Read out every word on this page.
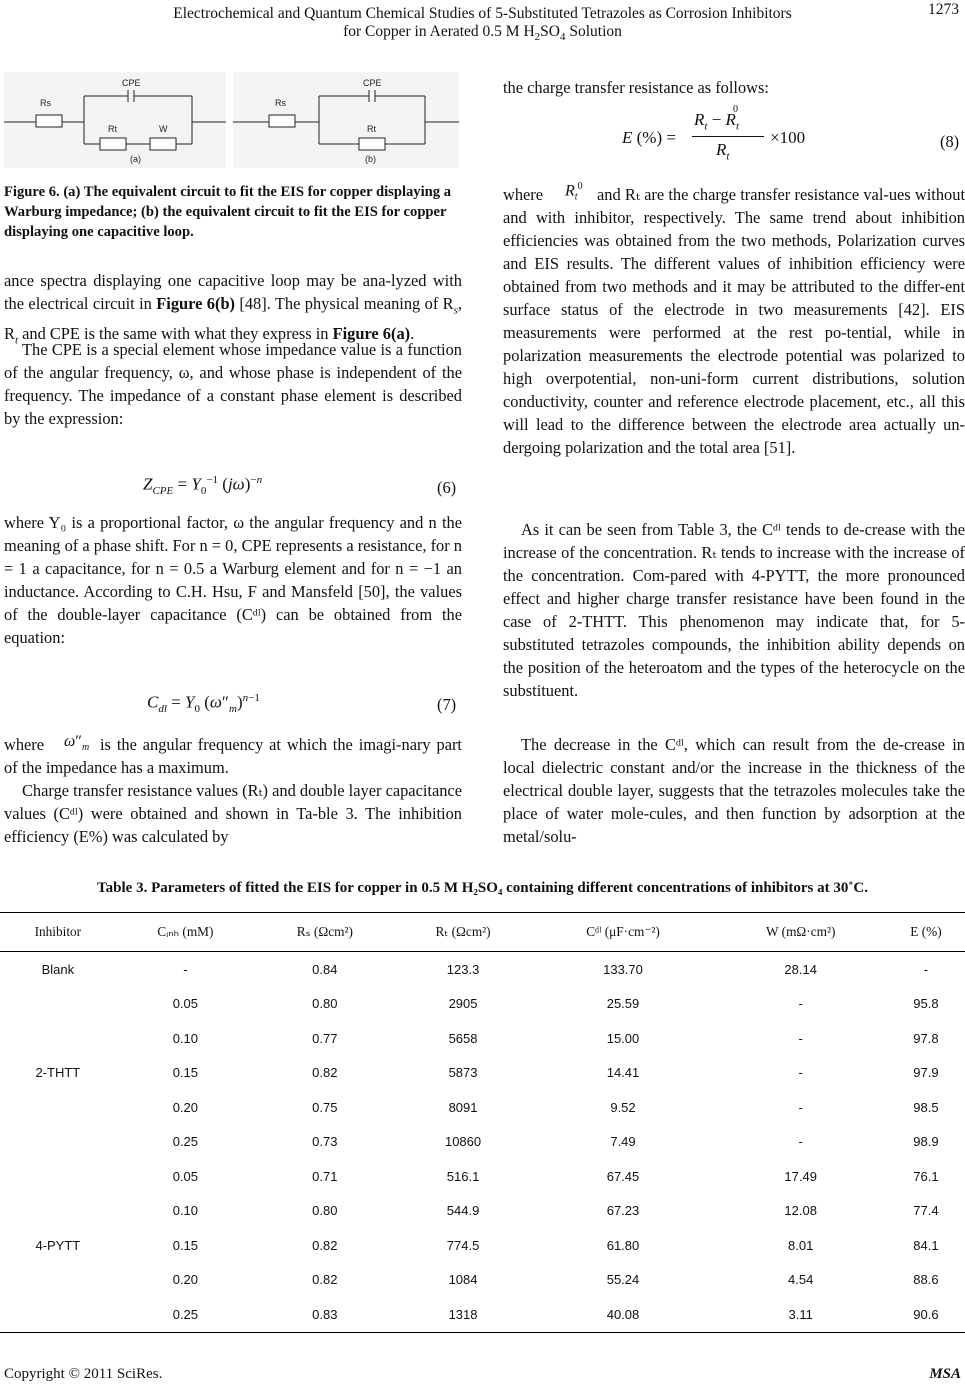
Electrochemical and Quantum Chemical Studies of 5-Substituted Tetrazoles as Corrosion Inhibitors
for Copper in Aerated 0.5 M $H_2SO_4$ Solution
1273
Rs
CPE
Rt	W
(a)
Rs
CPE
Rt
(b)
Figure 6. (a) The equivalent circuit to fit the EIS for copper displaying a Warburg impedance; (b) the equivalent circuit to fit the EIS for copper displaying one capacitive loop.
ance spectra displaying one capacitive loop may be ana-lyzed with the electrical circuit in Figure 6(b) [48]. The physical meaning of $R_s$, $R_t$ and CPE is the same with what they express in Figure 6(a).
The CPE is a special element whose impedance value is a function of the angular frequency, ω, and whose phase is independent of the frequency. The impedance of a constant phase element is described by the expression:
$Z_{CPE} = Y_0^{-1}$ $(j\omega)^{-n}$	(6)
where Y₀ is a proportional factor, ω the angular frequency and n the meaning of a phase shift. For n = 0, CPE represents a resistance, for n = 1 a capacitance, for n = 0.5 a Warburg element and for n = −1 an inductance. According to C.H. Hsu, F and Mansfeld [50], the values of the double-layer capacitance (Cᵈˡ) can be obtained from the equation:
$C_{dl} = Y_0$ $(\omega''_m)^{n-1}$	(7)
where	$\omega''_m$ is the angular frequency at which the imagi-nary part of the impedance has a maximum.
Charge transfer resistance values (Rₜ) and double layer capacitance values (Cᵈˡ) were obtained and shown in Ta-ble 3. The inhibition efficiency (E%) was calculated by
the charge transfer resistance as follows:
E (%) =
$R_t - R_t^0$
$R_t$
×100	(8)
where	$R_t^0$ and Rₜ are the charge transfer resistance val-ues without and with inhibitor, respectively. The same trend about inhibition efficiencies was obtained from the two methods, Polarization curves and EIS results. The different values of inhibition efficiency were obtained from two methods and it may be attributed to the differ-ent surface status of the electrode in two measurements [42]. EIS measurements were performed at the rest po-tential, while in polarization measurements the electrode potential was polarized to high overpotential, non-uni-form current distributions, solution conductivity, counter and reference electrode placement, etc., all this will lead to the difference between the electrode area actually un-dergoing polarization and the total area [51].
As it can be seen from Table 3, the Cᵈˡ tends to de-crease with the increase of the concentration. Rₜ tends to increase with the increase of the concentration. Com-pared with 4-PYTT, the more pronounced effect and higher charge transfer resistance have been found in the case of 2-THTT. This phenomenon may indicate that, for 5-substituted tetrazoles compounds, the inhibition ability depends on the position of the heteroatom and the types of the heterocycle on the substituent.
The decrease in the Cᵈˡ, which can result from the de-crease in local dielectric constant and/or the increase in the thickness of the electrical double layer, suggests that the tetrazoles molecules take the place of water mole-cules, and then function by adsorption at the metal/solu-
Table 3. Parameters of fitted the EIS for copper in 0.5 M H₂SO₄ containing different concentrations of inhibitors at 30˚C.
Inhibitor	Cᵢₙₕ (mM)	Rₛ (Ωcm²)	Rₜ (Ωcm²)	Cᵈˡ (μF·cm⁻²)	W (mΩ·cm²)	E (%)
Blank	-	0.84	123.3	133.70	28.14	-
	0.05	0.80	2905	25.59	-	95.8
	0.10	0.77	5658	15.00	-	97.8
2-THTT	0.15	0.82	5873	14.41	-	97.9
	0.20	0.75	8091	9.52	-	98.5
	0.25	0.73	10860	7.49	-	98.9
	0.05	0.71	516.1	67.45	17.49	76.1
	0.10	0.80	544.9	67.23	12.08	77.4
4-PYTT	0.15	0.82	774.5	61.80	8.01	84.1
	0.20	0.82	1084	55.24	4.54	88.6
	0.25	0.83	1318	40.08	3.11	90.6
Copyright © 2011 SciRes.	MSA
